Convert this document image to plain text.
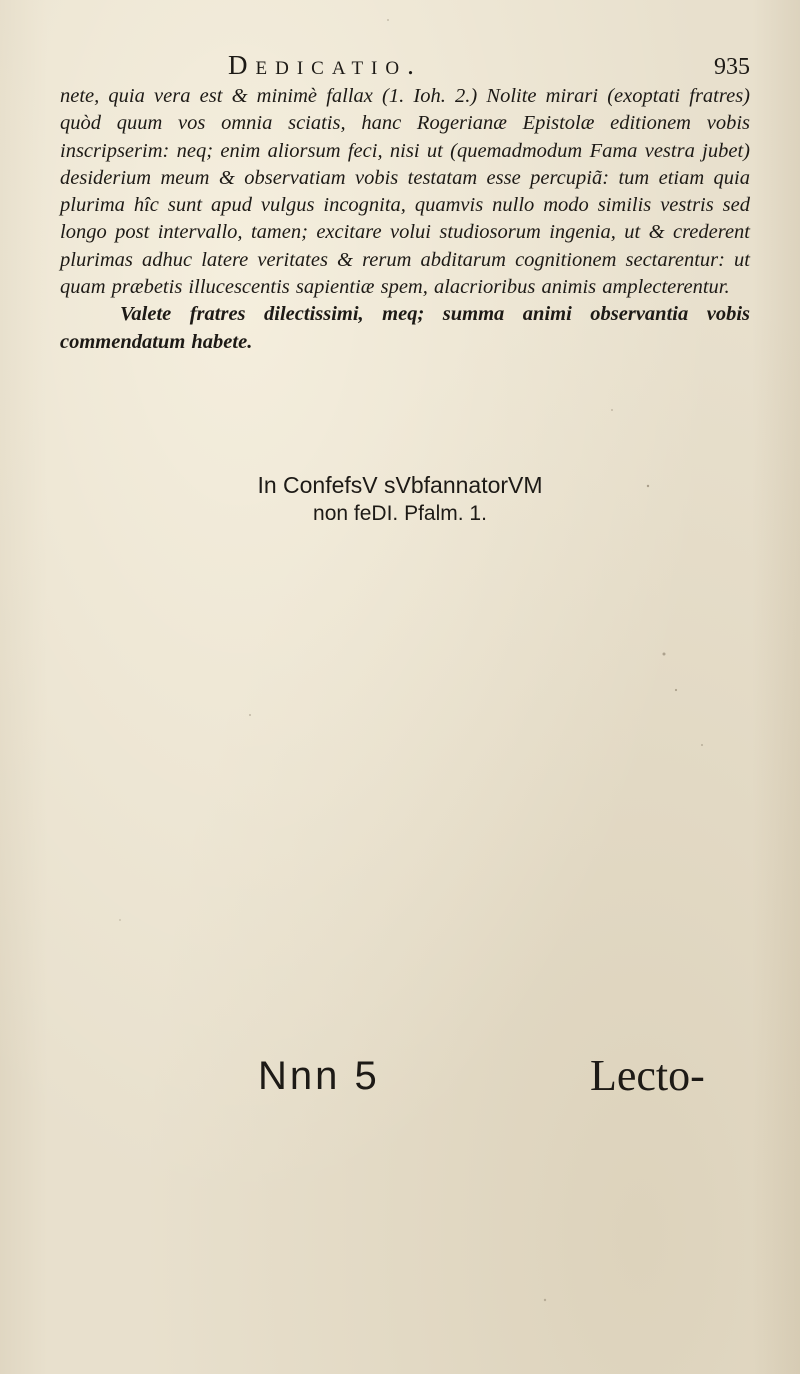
Dedicatio.	935

nete, quia vera est & minimè fallax (1. Ioh. 2.) Nolite mirari (exoptati fratres) quòd quum vos omnia sciatis, hanc Rogerianæ Epistolæ editionem vobis inscripserim: neq; enim aliorsum feci, nisi ut (quemadmodum Fama vestra jubet) desiderium meum & observatiam vobis testatam esse percupiã: tum etiam quia plurima hîc sunt apud vulgus incognita, quamvis nullo modo similis vestris sed longo post intervallo, tamen; excitare volui studiosorum ingenia, ut & crederent plurimas adhuc latere veritates & rerum abditarum cognitionem sectarentur: ut quam præbetis illucescentis sapientiæ spem, alacrioribus animis amplecterentur.

Valete fratres dilectissimi, meq; summa animi observantia vobis commendatum habete.

In ConfefsV sVbfannatorVM
non feDI. Pfalm. 1.
Nnn 5	Lecto-
